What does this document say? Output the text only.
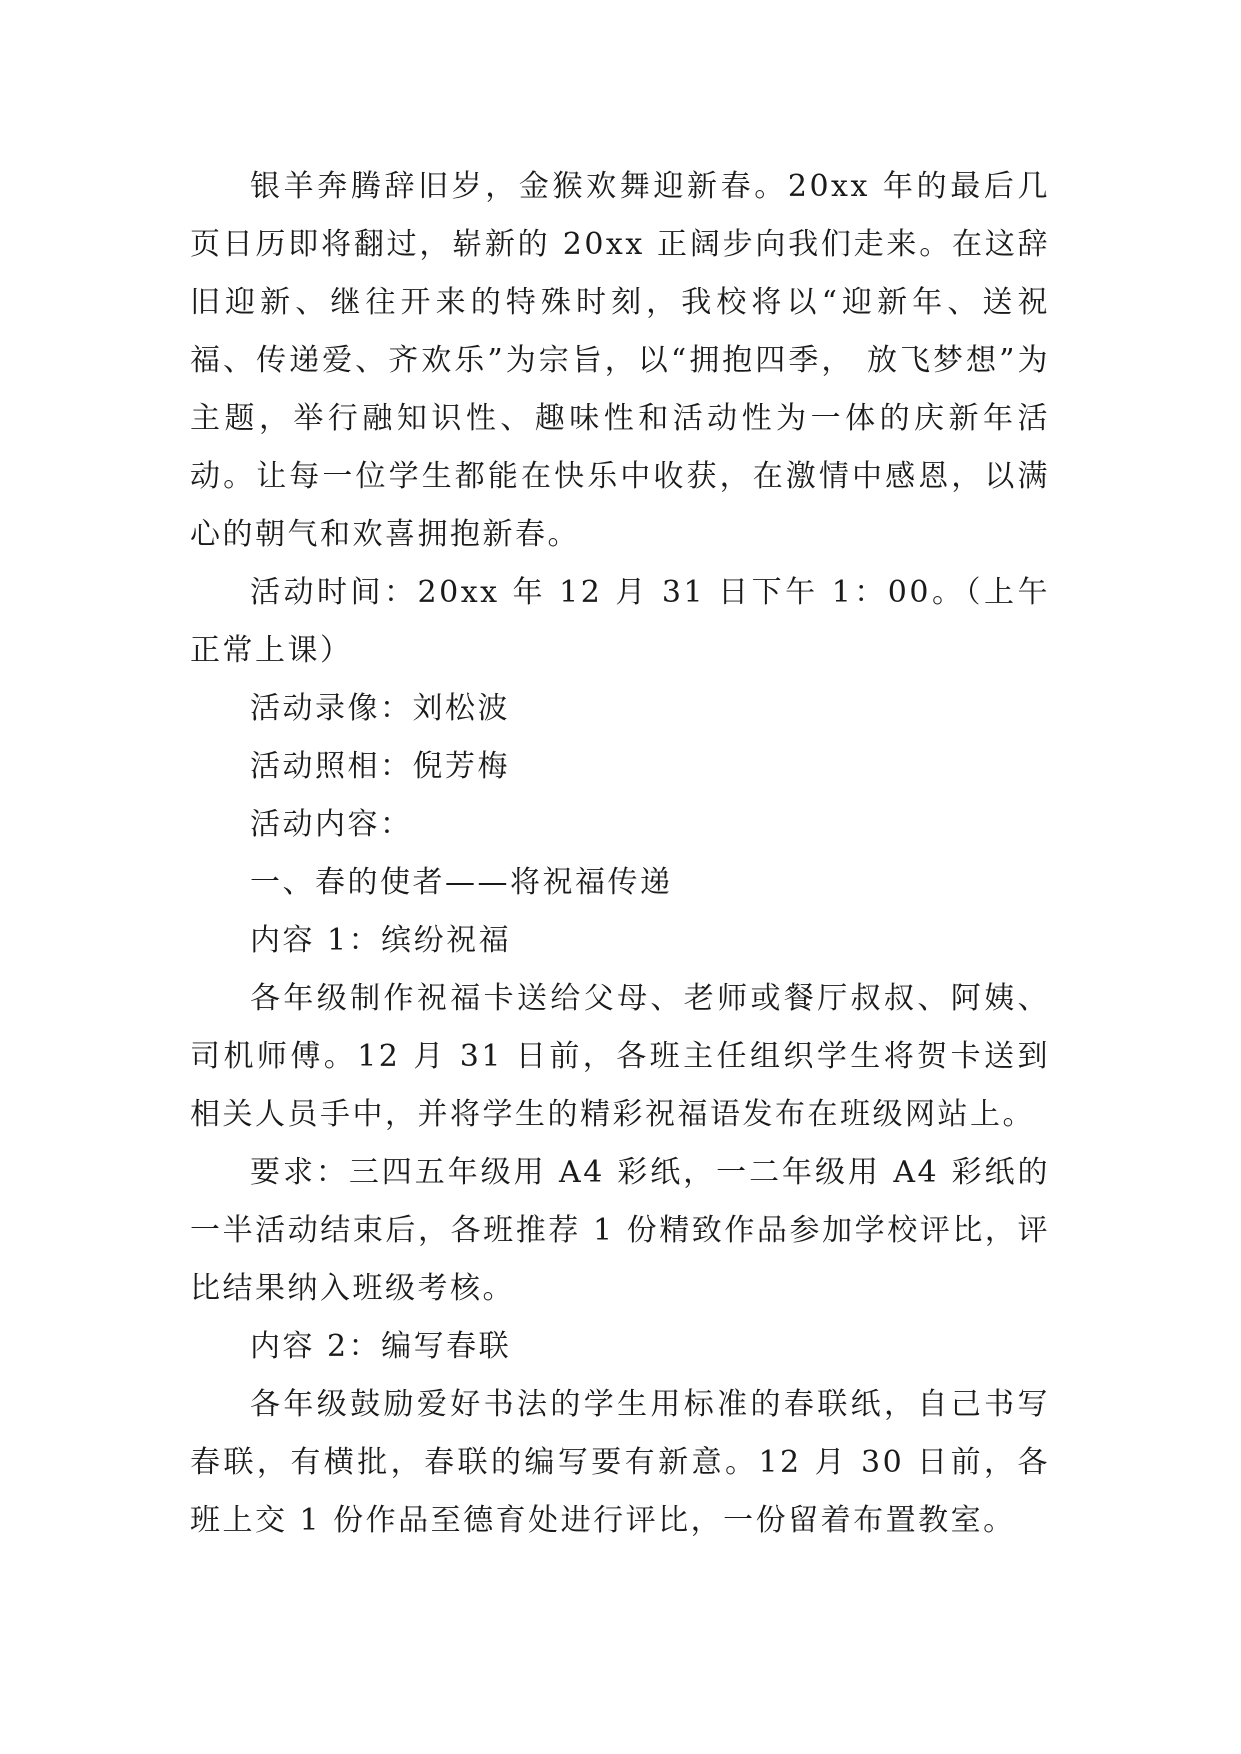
银羊奔腾辞旧岁，金猴欢舞迎新春。20xx 年的最后几页日历即将翻过，崭新的 20xx 正阔步向我们走来。在这辞旧迎新、继往开来的特殊时刻，我校将以“迎新年、送祝福、传递爱、齐欢乐”为宗旨，以“拥抱四季， 放飞梦想”为主题，举行融知识性、趣味性和活动性为一体的庆新年活动。让每一位学生都能在快乐中收获，在激情中感恩，以满心的朝气和欢喜拥抱新春。

活动时间：20xx 年 12 月 31 日下午 1：00。（上午正常上课）

活动录像：刘松波

活动照相：倪芳梅

活动内容：

一、春的使者——将祝福传递

内容 1：缤纷祝福

各年级制作祝福卡送给父母、老师或餐厅叔叔、阿姨、司机师傅。12 月 31 日前，各班主任组织学生将贺卡送到相关人员手中，并将学生的精彩祝福语发布在班级网站上。

要求：三四五年级用 A4 彩纸，一二年级用 A4 彩纸的一半活动结束后，各班推荐 1 份精致作品参加学校评比，评比结果纳入班级考核。

内容 2：编写春联

各年级鼓励爱好书法的学生用标准的春联纸，自己书写春联，有横批，春联的编写要有新意。12 月 30 日前，各班上交 1 份作品至德育处进行评比，一份留着布置教室。
